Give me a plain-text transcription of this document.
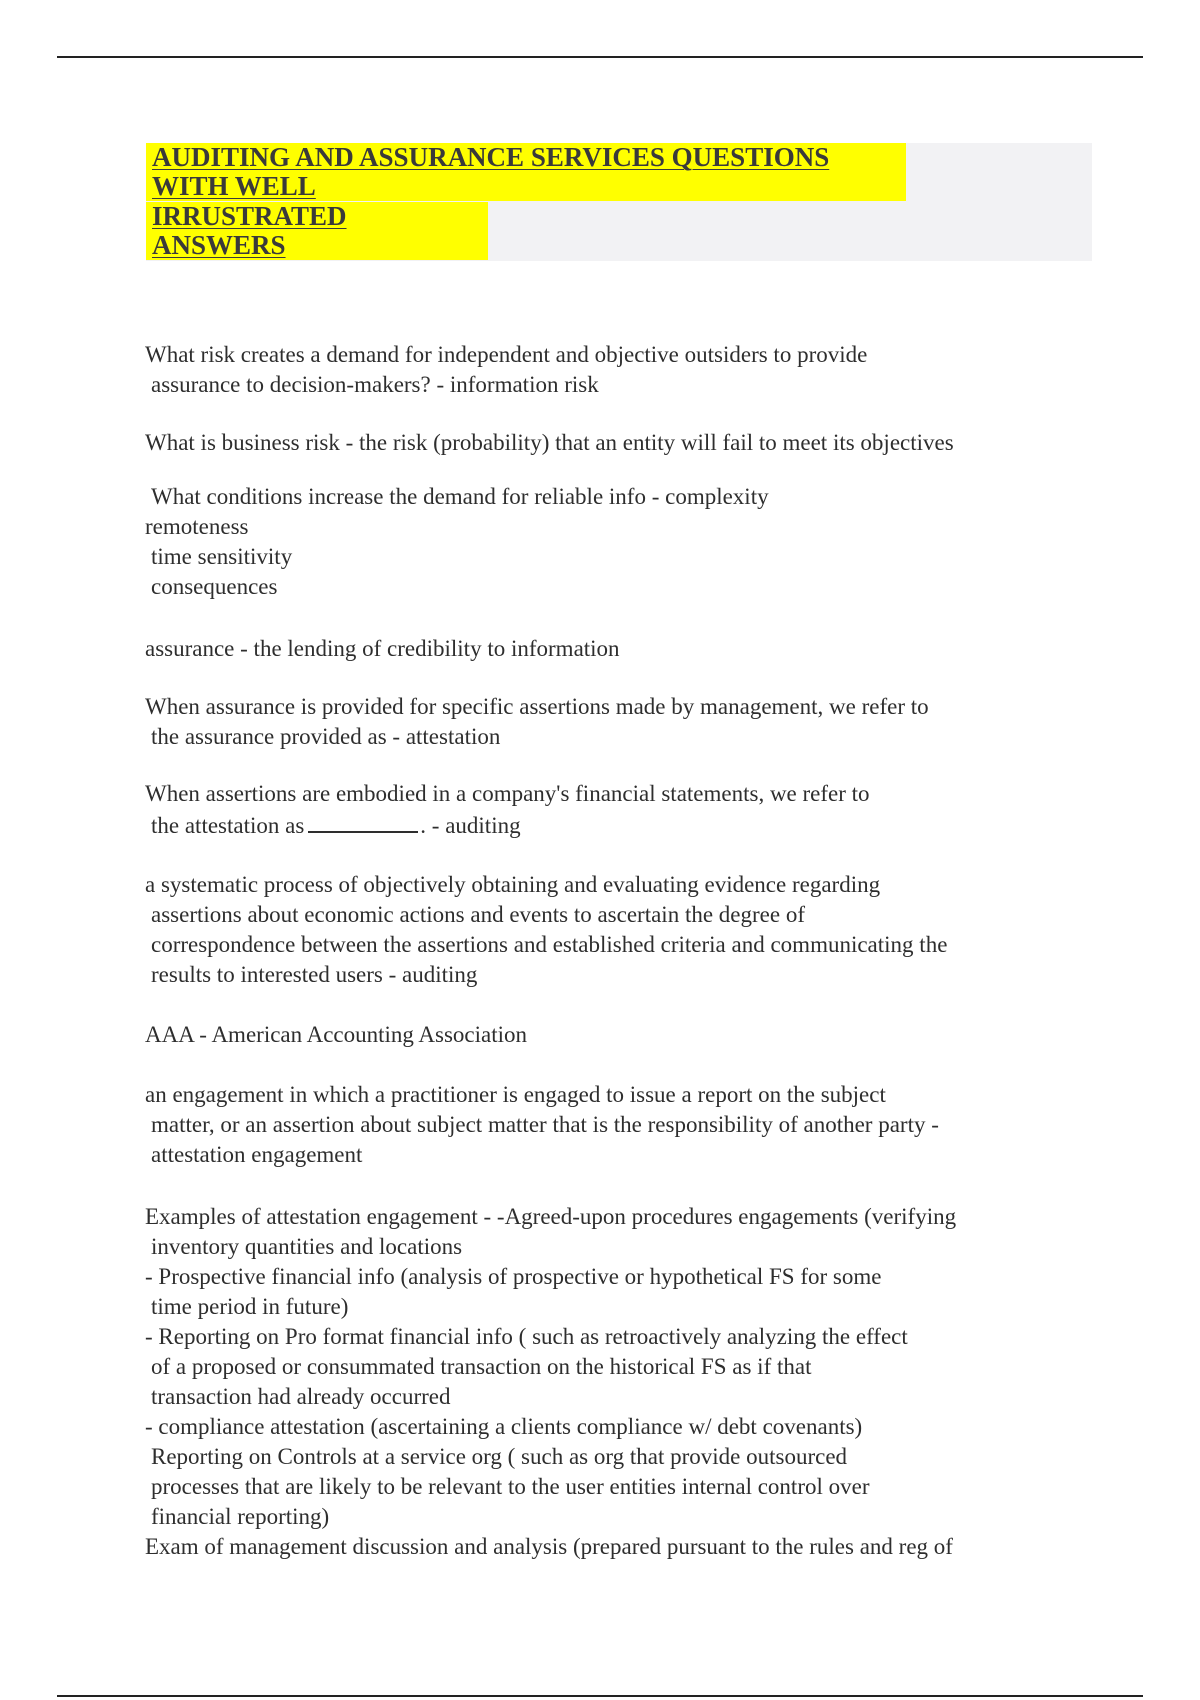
AUDITING AND ASSURANCE SERVICES QUESTIONS
WITH WELL
IRRUSTRATED
ANSWERS
What risk creates a demand for independent and objective outsiders to provide
assurance to decision-makers? - information risk
What is business risk - the risk (probability) that an entity will fail to meet its objectives
What conditions increase the demand for reliable info - complexity
remoteness
time sensitivity
consequences
assurance - the lending of credibility to information
When assurance is provided for specific assertions made by management, we refer to
the assurance provided as - attestation
When assertions are embodied in a company's financial statements, we refer to
the attestation as	. - auditing
a systematic process of objectively obtaining and evaluating evidence regarding
assertions about economic actions and events to ascertain the degree of
correspondence between the assertions and established criteria and communicating the
results to interested users - auditing
AAA - American Accounting Association
an engagement in which a practitioner is engaged to issue a report on the subject
matter, or an assertion about subject matter that is the responsibility of another party -
attestation engagement
Examples of attestation engagement - -Agreed-upon procedures engagements (verifying
inventory quantities and locations
- Prospective financial info (analysis of prospective or hypothetical FS for some
time period in future)
- Reporting on Pro format financial info ( such as retroactively analyzing the effect
of a proposed or consummated transaction on the historical FS as if that
transaction had already occurred
- compliance attestation (ascertaining a clients compliance w/ debt covenants)
Reporting on Controls at a service org ( such as org that provide outsourced
processes that are likely to be relevant to the user entities internal control over
financial reporting)
Exam of management discussion and analysis (prepared pursuant to the rules and reg of
